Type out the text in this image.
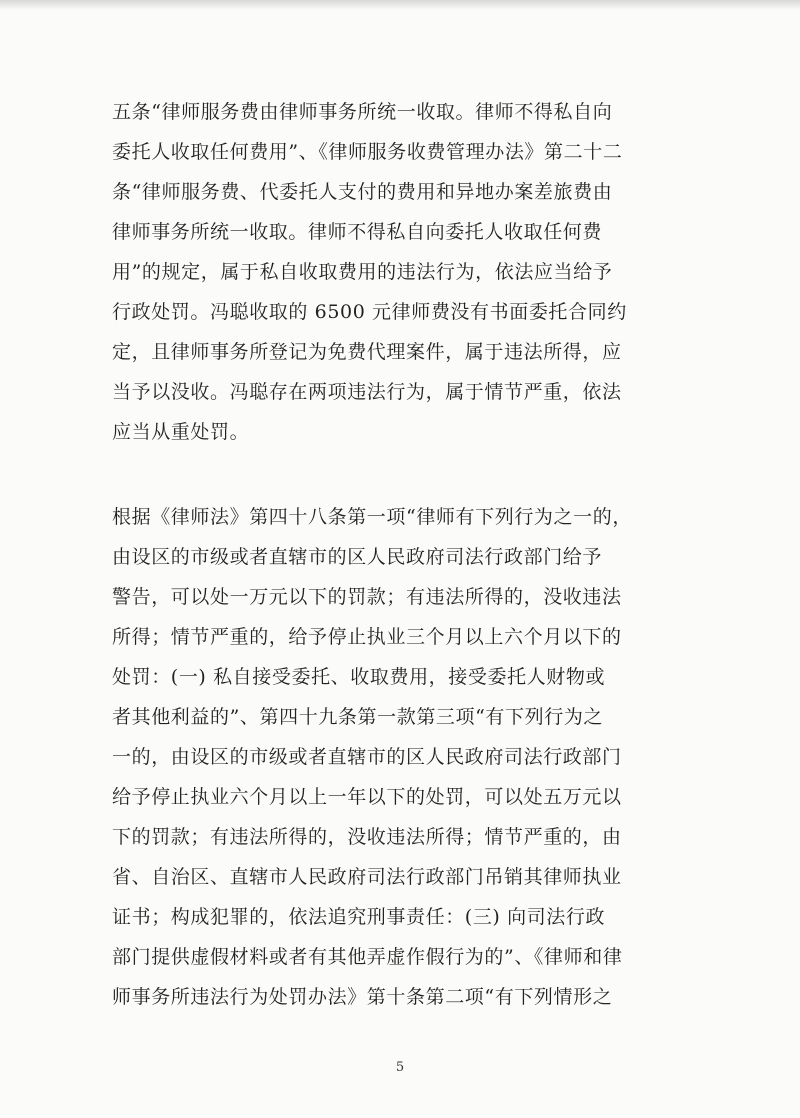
五条“律师服务费由律师事务所统一收取。律师不得私自向
委托人收取任何费用”、《律师服务收费管理办法》第二十二
条“律师服务费、代委托人支付的费用和异地办案差旅费由
律师事务所统一收取。律师不得私自向委托人收取任何费
用”的规定，属于私自收取费用的违法行为，依法应当给予
行政处罚。冯聪收取的 6500 元律师费没有书面委托合同约
定，且律师事务所登记为免费代理案件，属于违法所得，应
当予以没收。冯聪存在两项违法行为，属于情节严重，依法
应当从重处罚。

根据《律师法》第四十八条第一项“律师有下列行为之一的，
由设区的市级或者直辖市的区人民政府司法行政部门给予
警告，可以处一万元以下的罚款；有违法所得的，没收违法
所得；情节严重的，给予停止执业三个月以上六个月以下的
处罚：(一) 私自接受委托、收取费用，接受委托人财物或
者其他利益的”、第四十九条第一款第三项“有下列行为之
一的，由设区的市级或者直辖市的区人民政府司法行政部门
给予停止执业六个月以上一年以下的处罚，可以处五万元以
下的罚款；有违法所得的，没收违法所得；情节严重的，由
省、自治区、直辖市人民政府司法行政部门吊销其律师执业
证书；构成犯罪的，依法追究刑事责任：(三) 向司法行政
部门提供虚假材料或者有其他弄虚作假行为的”、《律师和律
师事务所违法行为处罚办法》第十条第二项“有下列情形之

5
